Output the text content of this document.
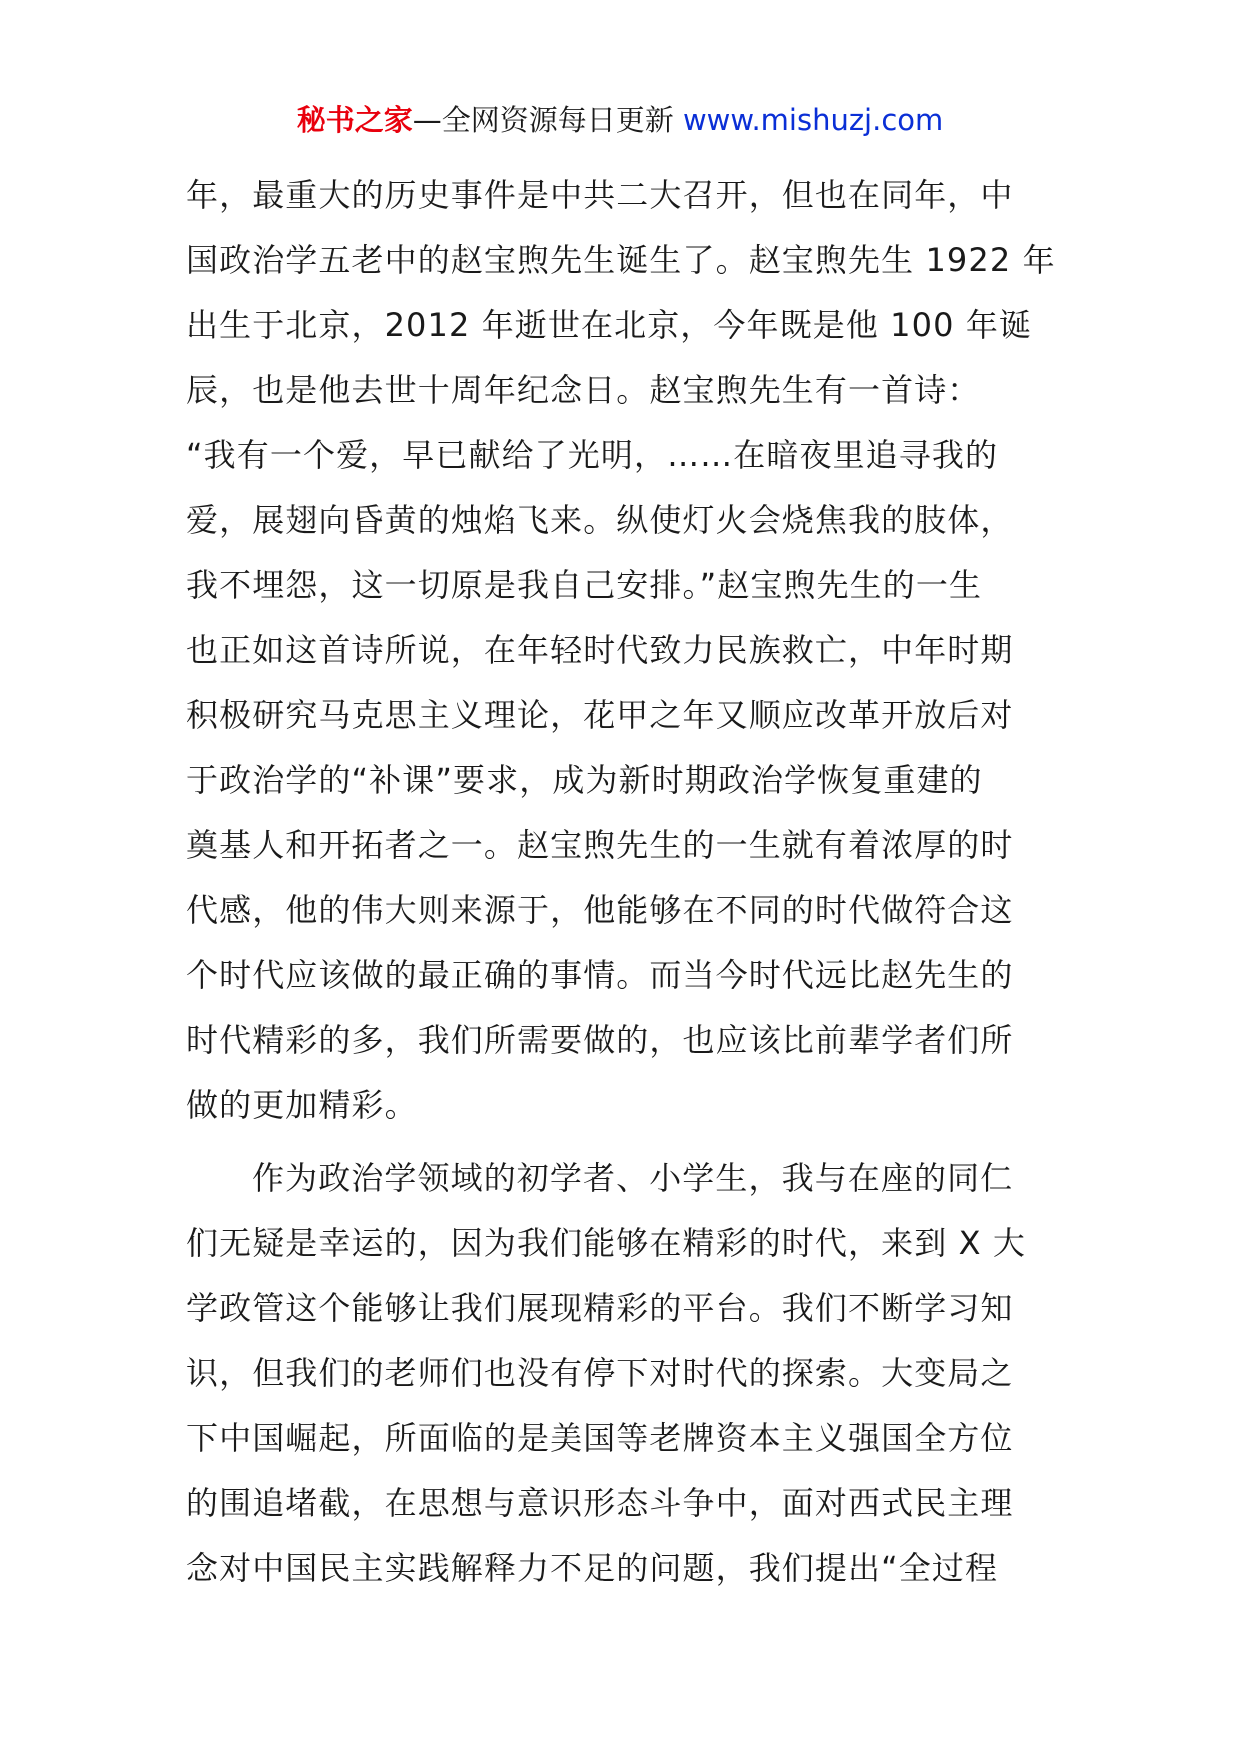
秘书之家—全网资源每日更新 www.mishuzj.com
年，最重大的历史事件是中共二大召开，但也在同年，中
国政治学五老中的赵宝煦先生诞生了。赵宝煦先生 1922 年
出生于北京，2012 年逝世在北京，今年既是他 100 年诞
辰，也是他去世十周年纪念日。赵宝煦先生有一首诗：
“我有一个爱，早已献给了光明，……在暗夜里追寻我的
爱，展翅向昏黄的烛焰飞来。纵使灯火会烧焦我的肢体，
我不埋怨，这一切原是我自己安排。”赵宝煦先生的一生
也正如这首诗所说，在年轻时代致力民族救亡，中年时期
积极研究马克思主义理论，花甲之年又顺应改革开放后对
于政治学的“补课”要求，成为新时期政治学恢复重建的
奠基人和开拓者之一。赵宝煦先生的一生就有着浓厚的时
代感，他的伟大则来源于，他能够在不同的时代做符合这
个时代应该做的最正确的事情。而当今时代远比赵先生的
时代精彩的多，我们所需要做的，也应该比前辈学者们所
做的更加精彩。
作为政治学领域的初学者、小学生，我与在座的同仁
们无疑是幸运的，因为我们能够在精彩的时代，来到 X 大
学政管这个能够让我们展现精彩的平台。我们不断学习知
识，但我们的老师们也没有停下对时代的探索。大变局之
下中国崛起，所面临的是美国等老牌资本主义强国全方位
的围追堵截，在思想与意识形态斗争中，面对西式民主理
念对中国民主实践解释力不足的问题，我们提出“全过程
